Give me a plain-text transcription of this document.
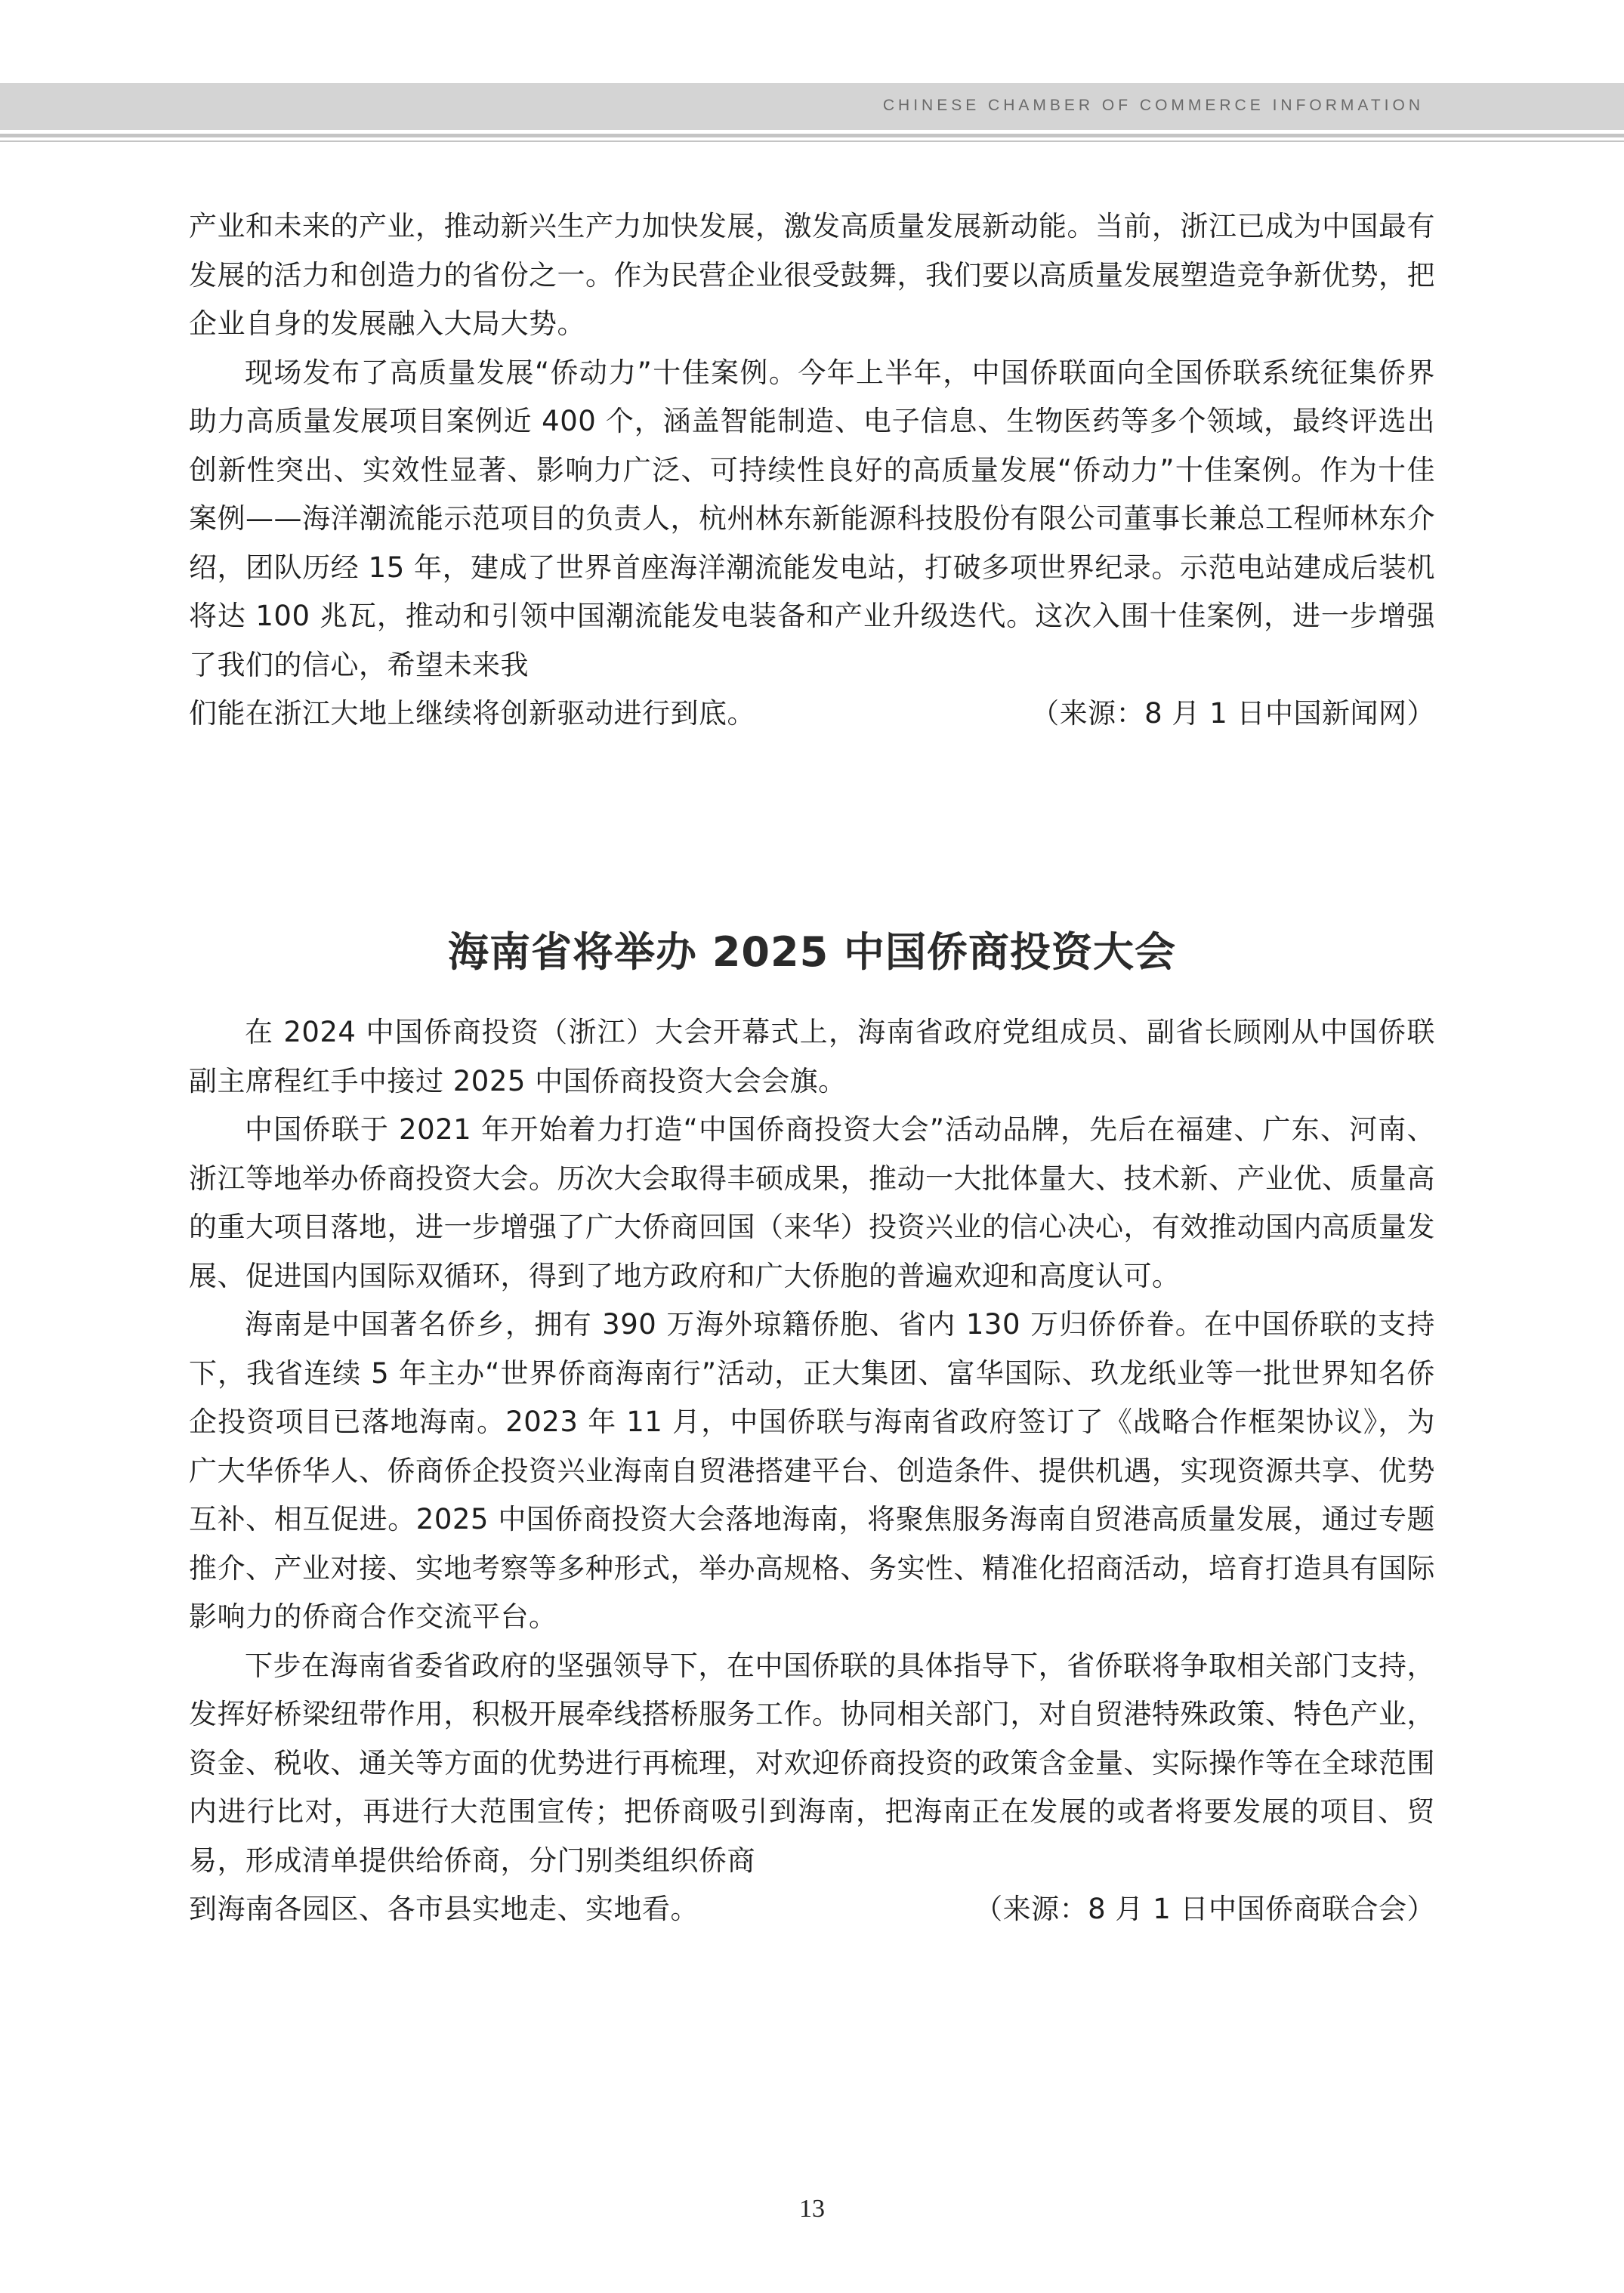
CHINESE CHAMBER OF COMMERCE INFORMATION

产业和未来的产业，推动新兴生产力加快发展，激发高质量发展新动能。当前，浙江已成为中国最有发展的活力和创造力的省份之一。作为民营企业很受鼓舞，我们要以高质量发展塑造竞争新优势，把企业自身的发展融入大局大势。

现场发布了高质量发展“侨动力”十佳案例。今年上半年，中国侨联面向全国侨联系统征集侨界助力高质量发展项目案例近 400 个，涵盖智能制造、电子信息、生物医药等多个领域，最终评选出创新性突出、实效性显著、影响力广泛、可持续性良好的高质量发展“侨动力”十佳案例。作为十佳案例——海洋潮流能示范项目的负责人，杭州林东新能源科技股份有限公司董事长兼总工程师林东介绍，团队历经 15 年，建成了世界首座海洋潮流能发电站，打破多项世界纪录。示范电站建成后装机将达 100 兆瓦，推动和引领中国潮流能发电装备和产业升级迭代。这次入围十佳案例，进一步增强了我们的信心，希望未来我

们能在浙江大地上继续将创新驱动进行到底。	（来源：8 月 1 日中国新闻网）
海南省将举办 2025 中国侨商投资大会

在 2024 中国侨商投资（浙江）大会开幕式上，海南省政府党组成员、副省长顾刚从中国侨联副主席程红手中接过 2025 中国侨商投资大会会旗。

中国侨联于 2021 年开始着力打造“中国侨商投资大会”活动品牌，先后在福建、广东、河南、浙江等地举办侨商投资大会。历次大会取得丰硕成果，推动一大批体量大、技术新、产业优、质量高的重大项目落地，进一步增强了广大侨商回国（来华）投资兴业的信心决心，有效推动国内高质量发展、促进国内国际双循环，得到了地方政府和广大侨胞的普遍欢迎和高度认可。

海南是中国著名侨乡，拥有 390 万海外琼籍侨胞、省内 130 万归侨侨眷。在中国侨联的支持下，我省连续 5 年主办“世界侨商海南行”活动，正大集团、富华国际、玖龙纸业等一批世界知名侨企投资项目已落地海南。2023 年 11 月，中国侨联与海南省政府签订了《战略合作框架协议》，为广大华侨华人、侨商侨企投资兴业海南自贸港搭建平台、创造条件、提供机遇，实现资源共享、优势互补、相互促进。2025 中国侨商投资大会落地海南，将聚焦服务海南自贸港高质量发展，通过专题推介、产业对接、实地考察等多种形式，举办高规格、务实性、精准化招商活动，培育打造具有国际影响力的侨商合作交流平台。

下步在海南省委省政府的坚强领导下，在中国侨联的具体指导下，省侨联将争取相关部门支持，发挥好桥梁纽带作用，积极开展牵线搭桥服务工作。协同相关部门，对自贸港特殊政策、特色产业，资金、税收、通关等方面的优势进行再梳理，对欢迎侨商投资的政策含金量、实际操作等在全球范围内进行比对，再进行大范围宣传；把侨商吸引到海南，把海南正在发展的或者将要发展的项目、贸易，形成清单提供给侨商，分门别类组织侨商

到海南各园区、各市县实地走、实地看。	（来源：8 月 1 日中国侨商联合会）
13
